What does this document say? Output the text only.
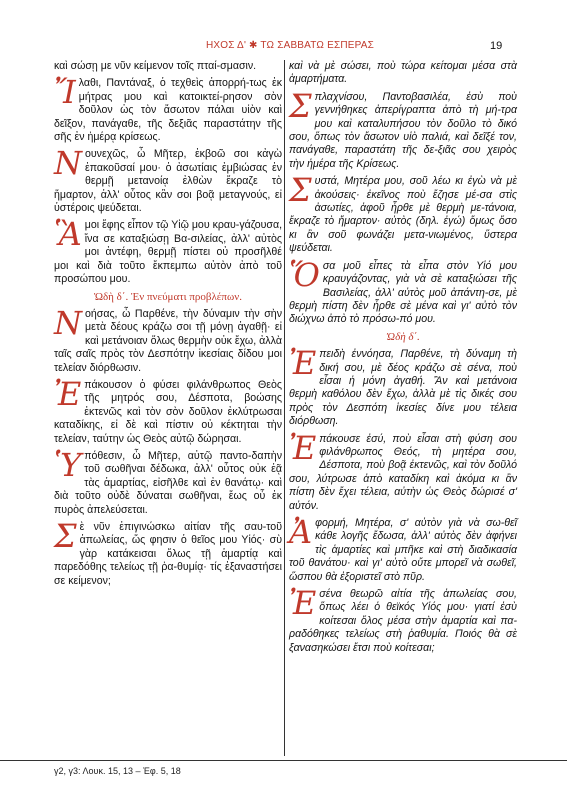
ΗΧΟΣ Δ' ✱ ΤΩ ΣΑΒΒΑΤΩ ΕΣΠΕΡΑΣ	19

καὶ σώσῃ με νῦν κείμενον τοῖς πταί-σμασιν.

Ἴλαθι, Παντάναξ, ὁ τεχθεὶς ἀπορρή-τως ἐκ μήτρας μου καὶ κατοικτεί-ρησον σὸν δοῦλον ὡς τὸν ἄσωτον πάλαι υἱὸν καὶ δεῖξον, πανάγαθε, τῆς δεξιᾶς παραστάτην τῆς σῆς ἐν ἡμέρᾳ κρίσεως.

Νουνεχῶς, ὦ Μῆτερ, ἐκβοῶ σοι κἀγὼ ἐπακοῦσαί μου· ὁ ἀσωτίαις ἐμβιώσας ἐν θερμῇ μετανοίᾳ ἐλθὼν ἔκραζε τὸ ἥμαρτον, ἀλλ' οὗτος κἂν σοι βοᾷ μεταγνούς, εἰ ὑστέροις ψεύδεται.

Ἃμοι ἔφης εἶπον τῷ Υἱῷ μου κραυ-γάζουσα, ἵνα σε καταξιώσῃ Βα-σιλείας, ἀλλ' αὐτὸς μοι ἀντέφη, θερμῇ πίστει οὐ προσῆλθέ μοι καὶ διὰ τοῦτο ἔκπεμπω αὐτὸν ἀπὸ τοῦ προσώπου μου.

Ὠδὴ δ΄. Ἐν πνεύματι προβλέπων.

Νοήσας, ὦ Παρθένε, τὴν δύναμιν τὴν σὴν μετὰ δέους κράζω σοι τῇ μόνῃ ἀγαθῇ· εἰ καὶ μετάνοιαν ὅλως θερμὴν οὐκ ἔχω, ἀλλὰ ταῖς σαῖς πρὸς τὸν Δεσπότην ἱκεσίαις δίδου μοι τελείαν διόρθωσιν.

Ἐπάκουσον ὁ φύσει φιλάνθρωπος Θεὸς τῆς μητρός σου, Δέσποτα, βοώσης ἐκτενῶς καὶ τὸν σὸν δοῦλον ἐκλύτρωσαι καταδίκης, εἰ δὲ καὶ πίστιν οὐ κέκτηται τὴν τελείαν, ταύτην ὡς Θεὸς αὐτῷ δώρησαι.

Ὑπόθεσιν, ὦ Μῆτερ, αὐτῷ παντο-δαπὴν τοῦ σωθῆναι δέδωκα, ἀλλ' οὗτος οὐκ ἐᾷ τὰς ἁμαρτίας, εἰσῆλθε καὶ ἐν θανάτῳ· καὶ διὰ τοῦτο οὐδὲ δύναται σωθῆναι, ἕως οὗ ἐκ πυρὸς ἀπελεύσεται.

Σὲ νῦν ἐπιγινώσκω αἰτίαν τῆς σαυ-τοῦ ἀπωλείας, ὥς φησιν ὁ θεῖος μου Υἱός· σὺ γὰρ κατάκεισαι ὅλως τῇ ἁμαρτίᾳ καὶ παρεδόθης τελείως τῇ ῥα-θυμίᾳ· τίς ἐξαναστήσει σε κείμενον;

καὶ νὰ μὲ σώσει, ποὺ τώρα κείτομαι μέσα στὰ ἁμαρτήματα.

Σπλαχνίσου, Παντοβασιλέα, ἐσὺ ποὺ γεννήθηκες ἀπερίγραπτα ἀπὸ τὴ μή-τρα μου καὶ καταλυπήσου τὸν δοῦλο τὸ δικό σου, ὅπως τὸν ἄσωτον υἱὸ παλιά, καὶ δεῖξέ τον, πανάγαθε, παραστάτη τῆς δε-ξιᾶς σου χειρὸς τὴν ἡμέρα τῆς Κρίσεως.

Συστά, Μητέρα μου, σοῦ λέω κι ἐγὼ νὰ μὲ ἀκούσεις· ἐκεῖνος ποὺ ἔζησε μέ-σα στὶς ἀσωτίες, ἀφοῦ ἦρθε μὲ θερμὴ με-τάνοια, ἔκραζε τὸ ἥμαρτον· αὐτὸς (δηλ. ἐγώ) ὅμως ὅσο κι ἂν σοῦ φωνάζει μετα-νιωμένος, ὕστερα ψεύδεται.

Ὅσα μοῦ εἶπες τὰ εἶπα στὸν Υἱό μου κραυγάζοντας, γιὰ νὰ σὲ καταξιώσει τῆς Βασιλείας, ἀλλ' αὐτὸς μοῦ ἀπάντη-σε, μὲ θερμὴ πίστη δὲν ἦρθε σὲ μένα καὶ γι' αὐτὸ τὸν διώχνω ἀπὸ τὸ πρόσω-πό μου.

Ὠδὴ δ΄.

Ἐπειδὴ ἐννόησα, Παρθένε, τὴ δύναμη τὴ δική σου, μὲ δέος κράζω σὲ σένα, ποὺ εἶσαι ἡ μόνη ἀγαθή. Ἂν καὶ μετάνοια θερμὴ καθόλου δὲν ἔχω, ἀλλὰ μὲ τὶς δικές σου πρὸς τὸν Δεσπότη ἱκεσίες δίνε μου τέλεια διόρθωση.

Ἐπάκουσε ἐσύ, ποὺ εἶσαι στὴ φύση σου φιλάνθρωπος Θεός, τὴ μητέρα σου, Δέσποτα, ποὺ βοᾷ ἐκτενῶς, καὶ τὸν δοῦλό σου, λύτρωσε ἀπὸ καταδίκη καὶ ἀκόμα κι ἂν πίστη δὲν ἔχει τέλεια, αὐτὴν ὡς Θεὸς δώρισέ σ' αὐτόν.

Ἀφορμή, Μητέρα, σ' αὐτὸν γιὰ νὰ σω-θεῖ κάθε λογῆς ἔδωσα, ἀλλ' αὐτὸς δὲν ἀφήνει τὶς ἁμαρτίες καὶ μπῆκε καὶ στὴ διαδικασία τοῦ θανάτου· καὶ γι' αὐτὸ οὔτε μπορεῖ νὰ σωθεῖ, ὥσπου θὰ ἐξοριστεῖ στὸ πῦρ.

Ἐσένα θεωρῶ αἰτία τῆς ἀπωλείας σου, ὅπως λέει ὁ θεϊκός Υἱός μου· γιατί ἐσὺ κοίτεσαι ὅλος μέσα στὴν ἁμαρτία καὶ πα-ραδόθηκες τελείως στὴ ῥαθυμία. Ποιός θὰ σὲ ξανασηκώσει ἔτσι ποὺ κοίτεσαι;

γ2, γ3: Λουκ. 15, 13 – Ἐφ. 5, 18
